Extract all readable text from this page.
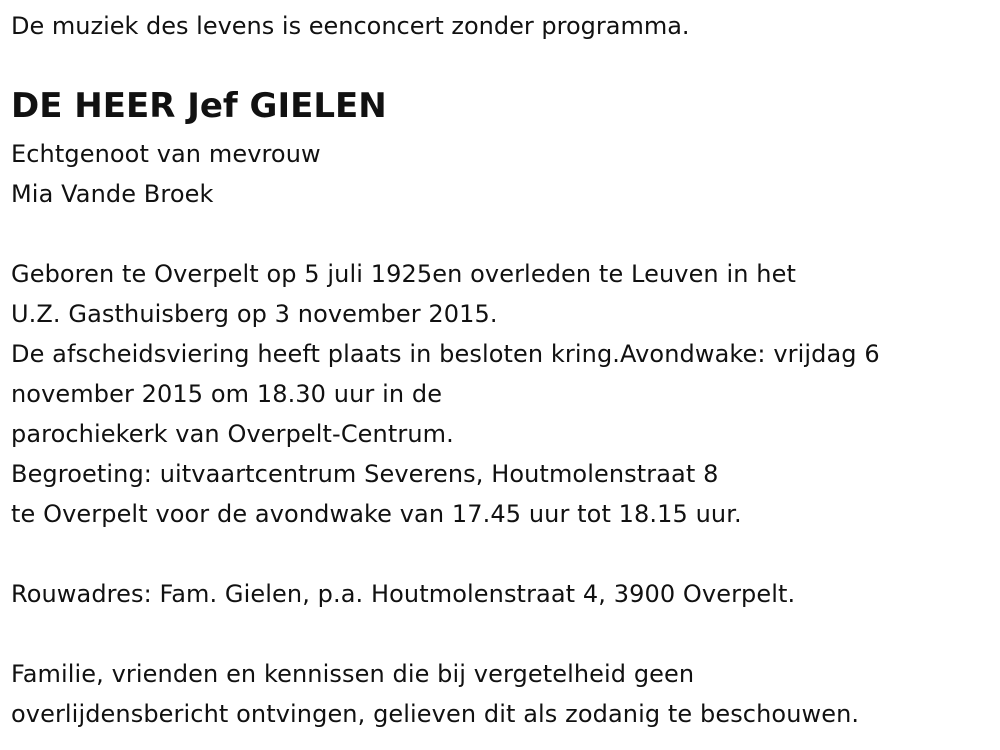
De muziek des levens is eenconcert zonder programma.
DE HEER Jef GIELEN
Echtgenoot van mevrouw
Mia Vande Broek
Geboren te Overpelt op 5 juli 1925en overleden te Leuven in het
U.Z. Gasthuisberg op 3 november 2015.
De afscheidsviering heeft plaats in besloten kring.Avondwake: vrijdag 6
november 2015 om 18.30 uur in de
parochiekerk van Overpelt-Centrum.
Begroeting: uitvaartcentrum Severens, Houtmolenstraat 8
te Overpelt voor de avondwake van 17.45 uur tot 18.15 uur.
Rouwadres: Fam. Gielen, p.a. Houtmolenstraat 4, 3900 Overpelt.
Familie, vrienden en kennissen die bij vergetelheid geen
overlijdensbericht ontvingen, gelieven dit als zodanig te beschouwen.
